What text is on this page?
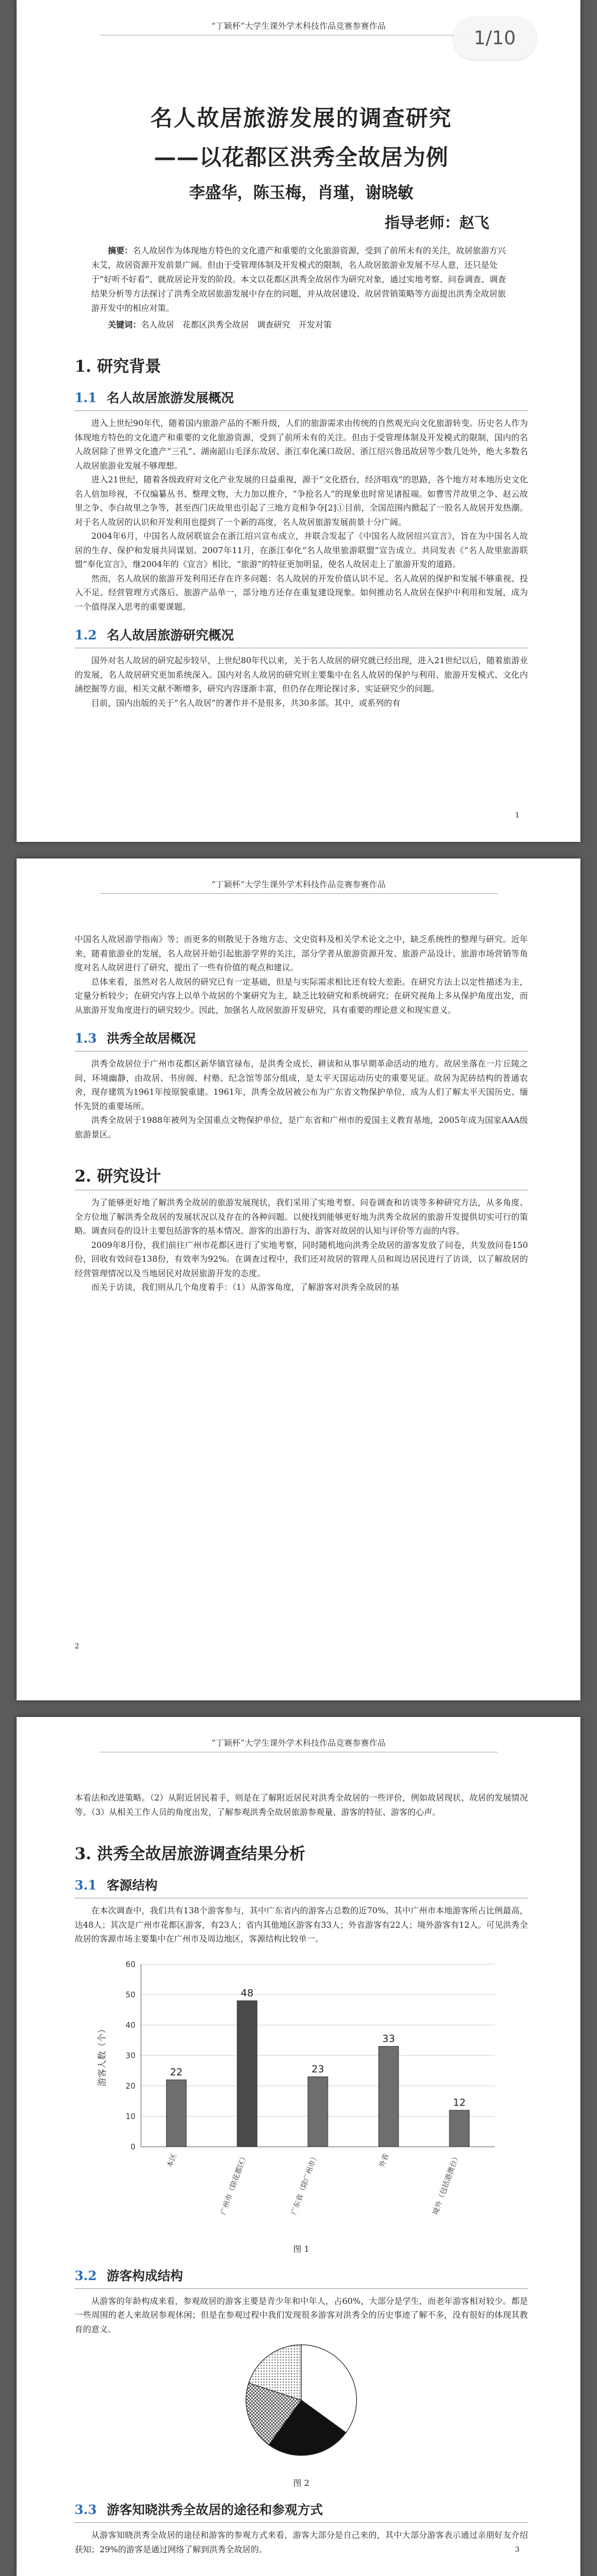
“丁颖杯”大学生课外学术科技作品竞赛参赛作品
名人故居旅游发展的调查研究
——以花都区洪秀全故居为例
李盛华，陈玉梅，肖瑾，谢晓敏
指导老师：赵飞
摘要：名人故居作为体现地方特色的文化遗产和重要的文化旅游资源，受到了前所未有的关注，故居旅游方兴未艾，故居资源开发前景广阔。但由于受管理体制及开发模式的限制，名人故居旅游业发展不尽人意，还只是处于“好听不好看”、就故居论开发的阶段。本文以花都区洪秀全故居作为研究对象，通过实地考察、问卷调查、调查结果分析等方法探讨了洪秀全故居旅游发展中存在的问题，并从故居建设、故居营销策略等方面提出洪秀全故居旅游开发中的相应对策。
关键词：名人故居　花都区洪秀全故居　调查研究　开发对策
1. 研究背景
1.1 名人故居旅游发展概况

进入上世纪90年代，随着国内旅游产品的不断升级，人们的旅游需求由传统的自然观光向文化旅游转变。历史名人作为体现地方特色的文化遗产和重要的文化旅游资源，受到了前所未有的关注。但由于受管理体制及开发模式的限制，国内的名人故居除了世界文化遗产“三孔”、湖南韶山毛泽东故居、浙江奉化溪口故居、浙江绍兴鲁迅故居等少数几处外，绝大多数名人故居旅游业发展不够理想。

进入21世纪，随着各级政府对文化产业发展的日益重视，源于“文化搭台，经济唱戏”的思路，各个地方对本地历史文化名人倍加珍视，不仅编纂丛书、整理文物，大力加以推介，“争抢名人”的现象也时常见诸报端。如曹雪芹故里之争、赵云故里之争、李白故里之争等，甚至西门庆故里也引起了三地方竞相争夺[2]①目前，全国范围内掀起了一股名人故居开发热潮。对于名人故居的认识和开发利用也提到了一个新的高度，名人故居旅游发展前景十分广阔。

2004年6月，中国名人故居联谊会在浙江绍兴宣布成立，并联合发起了《中国名人故居绍兴宣言》，旨在为中国名人故居的生存、保护和发展共同谋划。2007年11月，在浙江奉化“名人故里旅游联盟”宣告成立。共同发表《“名人故里旅游联盟”奉化宣言》，继2004年的《宣言》相比，“旅游”的特征更加明显，使名人故居走上了旅游开发的道路。

然而，名人故居的旅游开发利用还存在许多问题：名人故居的开发价值认识不足、名人故居的保护和发展不够重视、投入不足、经营管理方式落后、旅游产品单一，部分地方还存在重复建设现象。如何推动名人故居在保护中利用和发展，成为一个值得深入思考的重要课题。

1.2 名人故居旅游研究概况

国外对名人故居的研究起步较早，上世纪80年代以来，关于名人故居的研究就已经出现，进入21世纪以后，随着旅游业的发展，名人故居研究更加系统深入。国内对名人故居的研究则主要集中在名人故居的保护与利用、旅游开发模式、文化内涵挖掘等方面，相关文献不断增多，研究内容逐渐丰富，但仍存在理论探讨多、实证研究少的问题。

目前，国内出版的关于“名人故居”的著作并不是很多，共30多部。其中，或系列的有

1
1/10
“丁颖杯”大学生课外学术科技作品竞赛参赛作品

中国名人故居游学指南》等；而更多的则散见于各地方志、文史资料及相关学术论文之中，缺乏系统性的整理与研究。近年来，随着旅游业的发展，名人故居开始引起旅游学界的关注，部分学者从旅游资源开发、旅游产品设计、旅游市场营销等角度对名人故居进行了研究，提出了一些有价值的观点和建议。

总体来看，虽然对名人故居的研究已有一定基础，但是与实际需求相比还有较大差距。在研究方法上以定性描述为主，定量分析较少；在研究内容上以单个故居的个案研究为主，缺乏比较研究和系统研究；在研究视角上多从保护角度出发，而从旅游开发角度进行的研究较少。因此，加强名人故居旅游开发研究，具有重要的理论意义和现实意义。

1.3 洪秀全故居概况

洪秀全故居位于广州市花都区新华镇官禄布，是洪秀全成长、耕读和从事早期革命活动的地方。故居坐落在一片丘陵之间，环境幽静，由故居、书房阁、村塾、纪念馆等部分组成，是太平天国运动历史的重要见证。故居为泥砖结构的普通农舍，现存建筑为1961年按原貌重建。1961年，洪秀全故居被公布为广东省文物保护单位，成为人们了解太平天国历史、缅怀先贤的重要场所。

洪秀全故居于1988年被列为全国重点文物保护单位，是广东省和广州市的爱国主义教育基地，2005年成为国家AAA级旅游景区。

2. 研究设计

为了能够更好地了解洪秀全故居的旅游发展现状，我们采用了实地考察、问卷调查和访谈等多种研究方法，从多角度、全方位地了解洪秀全故居的发展状况以及存在的各种问题。以便找到能够更好地为洪秀全故居的旅游开发提供切实可行的策略。调查问卷的设计主要包括游客的基本情况、游客的出游行为、游客对故居的认知与评价等方面的内容。

2009年8月份，我们前往广州市花都区进行了实地考察，同时随机地向洪秀全故居的游客发放了问卷，共发放问卷150份，回收有效问卷138份，有效率为92%。在调查过程中，我们还对故居的管理人员和周边居民进行了访谈，以了解故居的经营管理情况以及当地居民对故居旅游开发的态度。

而关于访谈，我们则从几个角度着手：（1）从游客角度，了解游客对洪秀全故居的基

2
“丁颖杯”大学生课外学术科技作品竞赛参赛作品

本看法和改进策略。（2）从附近居民着手，则是在了解附近居民对洪秀全故居的一些评价，例如故居现状、故居的发展情况等。（3）从相关工作人员的角度出发，了解参观洪秀全故居旅游参观量、游客的特征、游客的心声。

3. 洪秀全故居旅游调查结果分析
3.1 客源结构

在本次调查中，我们共有138个游客参与，其中广东省内的游客占总数的近70%。其中广州市本地游客所占比例最高，达48人；其次是广州市花都区游客，有23人；省内其他地区游客有33人；外省游客有22人；境外游客有12人。可见洪秀全故居的客源市场主要集中在广州市及周边地区，客源结构比较单一。

0
10
20
30
40
50
60
游客人数（个）	22
本区
48
广州市（除花都区）
23
广东省（除广州市）
33
外省
12
境外（包括港澳台）
图 1
3.2 游客构成结构

从游客的年龄构成来看，参观故居的游客主要是青少年和中年人，占60%，大部分是学生，而老年游客相对较少。都是一些周围的老人来故居参观休闲；但是在参观过程中我们发现很多游客对洪秀全的历史事迹了解不多，没有很好的体现其教育的意义。

图 2
3.3 游客知晓洪秀全故居的途径和参观方式

从游客知晓洪秀全故居的途径和游客的参观方式来看，游客大部分是自己来的，其中大部分游客表示通过亲朋好友介绍获知；29%的游客是通过网络了解到洪秀全故居的。	3
